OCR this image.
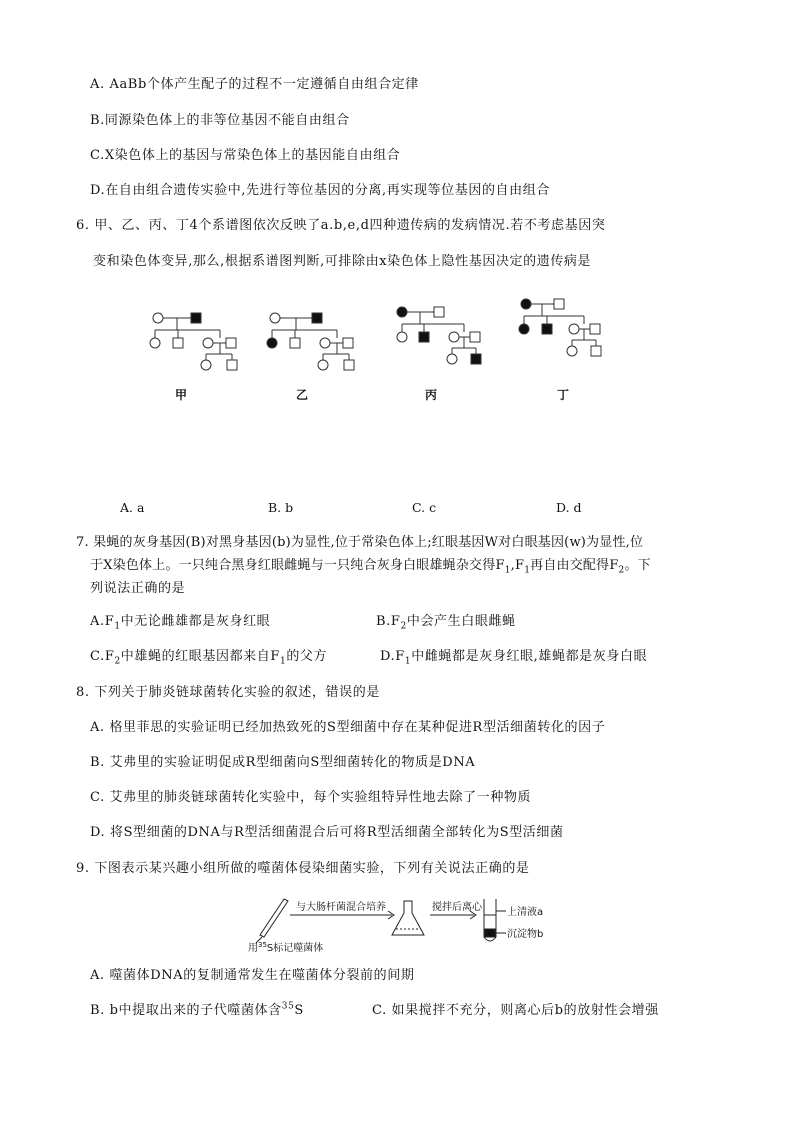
A. AaBb个体产生配子的过程不一定遵循自由组合定律
B.同源染色体上的非等位基因不能自由组合
C.X染色体上的基因与常染色体上的基因能自由组合
D.在自由组合遗传实验中,先进行等位基因的分离,再实现等位基因的自由组合
6. 甲、乙、丙、丁4个系谱图依次反映了a.b,e,d四种遗传病的发病情况.若不考虑基因突
变和染色体变异,那么,根据系谱图判断,可排除由x染色体上隐性基因决定的遗传病是
甲	乙	丙	丁
A. a	B. b	C. c	D. d
7. 果蝇的灰身基因(B)对黑身基因(b)为显性,位于常染色体上;红眼基因W对白眼基因(w)为显性,位
于X染色体上。一只纯合黑身红眼雌蝇与一只纯合灰身白眼雄蝇杂交得$F_1,F_1$再自由交配得$F_2$。下
列说法正确的是
$A.F_1$中无论雌雄都是灰身红眼	$B.F_2$中会产生白眼雌蝇
$C.F_2$中雄蝇的红眼基因都来自$F_1$的父方	$D.F_1$中雌蝇都是灰身红眼,雄蝇都是灰身白眼
8. 下列关于肺炎链球菌转化实验的叙述，错误的是
A. 格里菲思的实验证明已经加热致死的S型细菌中存在某种促进R型活细菌转化的因子
B. 艾弗里的实验证明促成R型细菌向S型细菌转化的物质是DNA
C. 艾弗里的肺炎链球菌转化实验中，每个实验组特异性地去除了一种物质
D. 将S型细菌的DNA与R型活细菌混合后可将R型活细菌全部转化为S型活细菌
9. 下图表示某兴趣小组所做的噬菌体侵染细菌实验，下列有关说法正确的是
与大肠杆菌混合培养	搅拌后离心	上清液a
沉淀物b
用$^{35}$S标记噬菌体
A. 噬菌体DNA的复制通常发生在噬菌体分裂前的间期
B. b中提取出来的子代噬菌体含$^{35}$S	C. 如果搅拌不充分，则离心后b的放射性会增强
